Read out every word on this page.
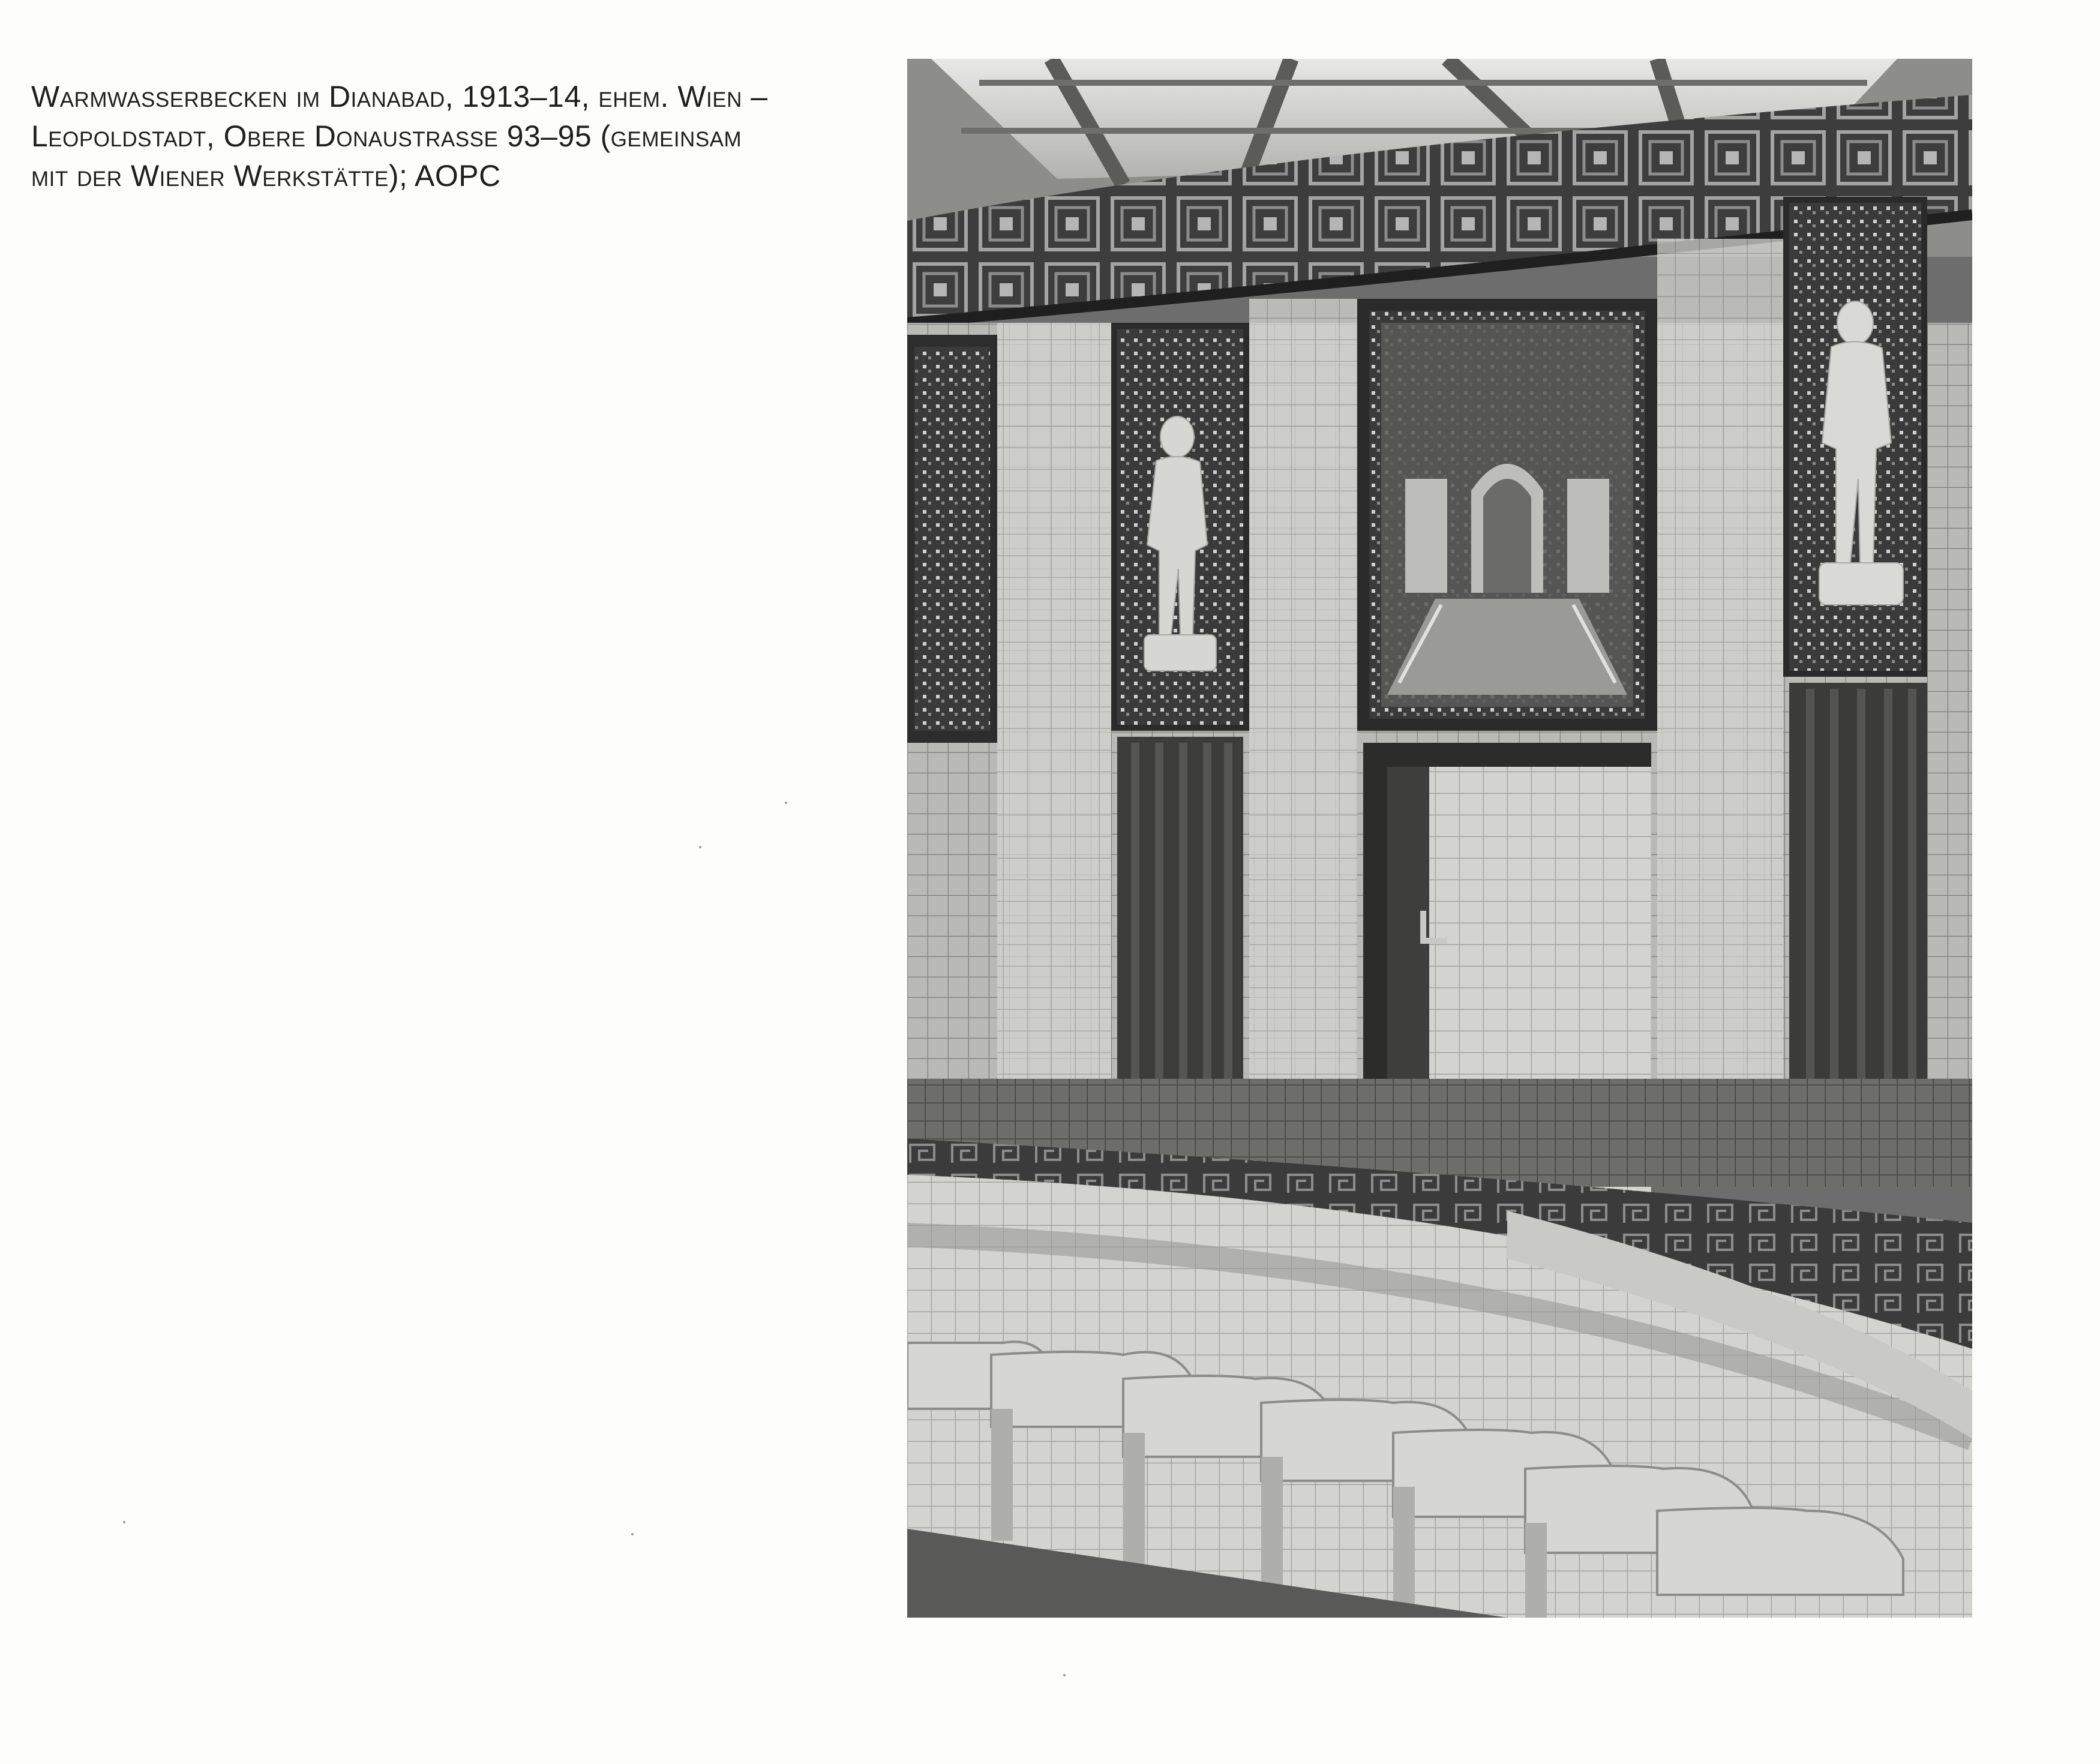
Warmwasserbecken im Dianabad, 1913–14, ehem. Wien –
Leopoldstadt, Obere Donaustrasse 93–95 (gemeinsam
mit der Wiener Werkstätte); AOPC
